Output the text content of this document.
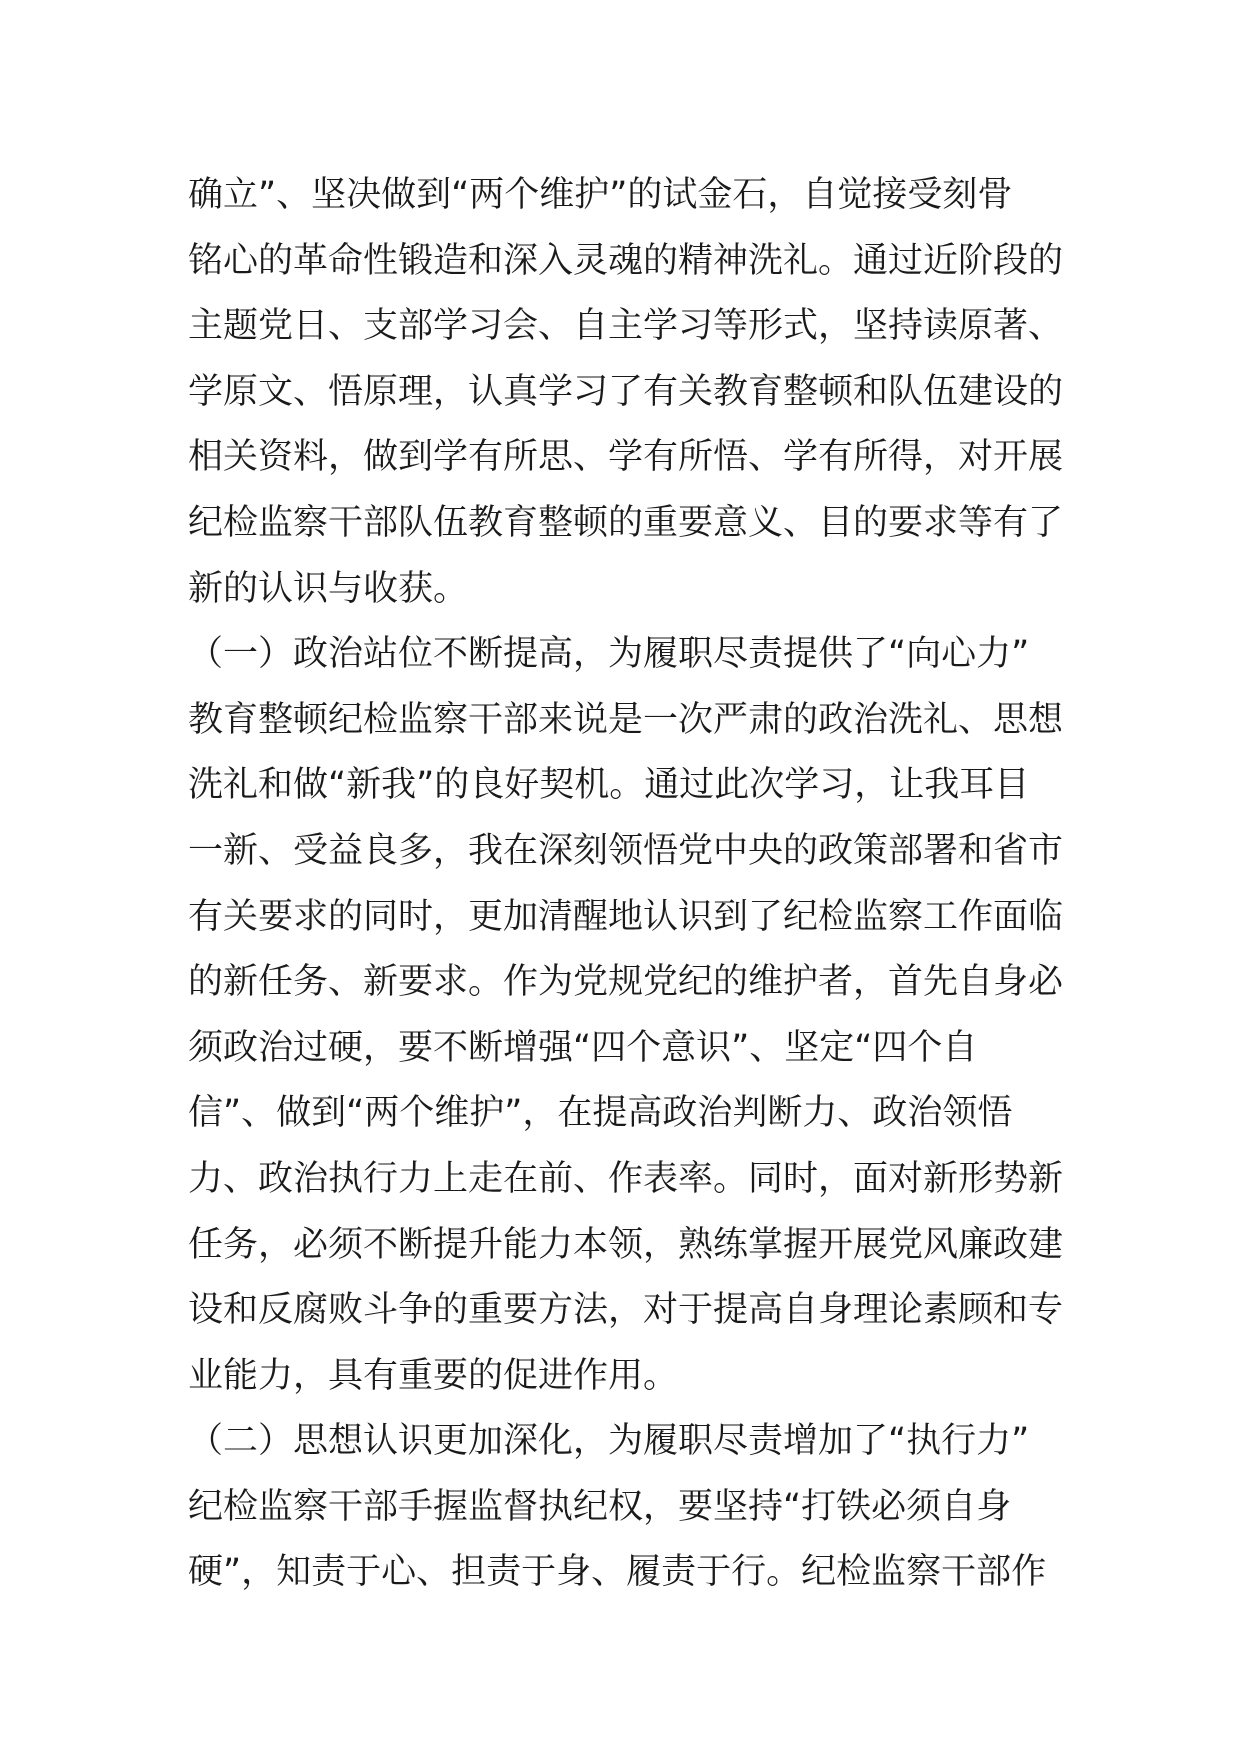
确立”、坚决做到“两个维护”的试金石，自觉接受刻骨
铭心的革命性锻造和深入灵魂的精神洗礼。通过近阶段的
主题党日、支部学习会、自主学习等形式，坚持读原著、
学原文、悟原理，认真学习了有关教育整顿和队伍建设的
相关资料，做到学有所思、学有所悟、学有所得，对开展
纪检监察干部队伍教育整顿的重要意义、目的要求等有了
新的认识与收获。
（一）政治站位不断提高，为履职尽责提供了“向心力”
教育整顿纪检监察干部来说是一次严肃的政治洗礼、思想
洗礼和做“新我”的良好契机。通过此次学习，让我耳目
一新、受益良多，我在深刻领悟党中央的政策部署和省市
有关要求的同时，更加清醒地认识到了纪检监察工作面临
的新任务、新要求。作为党规党纪的维护者，首先自身必
须政治过硬，要不断增强“四个意识”、坚定“四个自
信”、做到“两个维护”，在提高政治判断力、政治领悟
力、政治执行力上走在前、作表率。同时，面对新形势新
任务，必须不断提升能力本领，熟练掌握开展党风廉政建
设和反腐败斗争的重要方法，对于提高自身理论素顾和专
业能力，具有重要的促进作用。
（二）思想认识更加深化，为履职尽责增加了“执行力”
纪检监察干部手握监督执纪权，要坚持“打铁必须自身
硬”，知责于心、担责于身、履责于行。纪检监察干部作
